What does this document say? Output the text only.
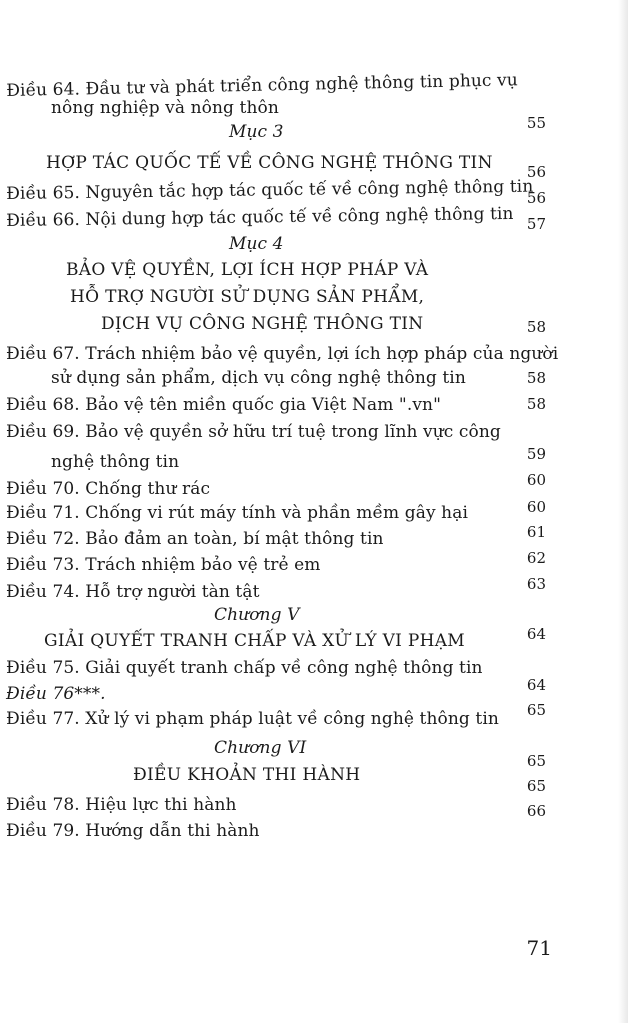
Điều 64. Đầu tư và phát triển công nghệ thông tin phục vụ
nông nghiệp và nông thôn
Mục 3
HỢP TÁC QUỐC TẾ VỀ CÔNG NGHỆ THÔNG TIN
Điều 65. Nguyên tắc hợp tác quốc tế về công nghệ thông tin
Điều 66. Nội dung hợp tác quốc tế về công nghệ thông tin
Mục 4
BẢO VỆ QUYỀN, LỢI ÍCH HỢP PHÁP VÀ
HỖ TRỢ NGƯỜI SỬ DỤNG SẢN PHẨM,
DỊCH VỤ CÔNG NGHỆ THÔNG TIN
Điều 67. Trách nhiệm bảo vệ quyền, lợi ích hợp pháp của người
sử dụng sản phẩm, dịch vụ công nghệ thông tin
Điều 68. Bảo vệ tên miền quốc gia Việt Nam ".vn"
Điều 69. Bảo vệ quyền sở hữu trí tuệ trong lĩnh vực công
nghệ thông tin
Điều 70. Chống thư rác
Điều 71. Chống vi rút máy tính và phần mềm gây hại
Điều 72. Bảo đảm an toàn, bí mật thông tin
Điều 73. Trách nhiệm bảo vệ trẻ em
Điều 74. Hỗ trợ người tàn tật
Chương V
GIẢI QUYẾT TRANH CHẤP VÀ XỬ LÝ VI PHẠM
Điều 75. Giải quyết tranh chấp về công nghệ thông tin
Điều 76***.
Điều 77. Xử lý vi phạm pháp luật về công nghệ thông tin
Chương VI
ĐIỀU KHOẢN THI HÀNH
Điều 78. Hiệu lực thi hành
Điều 79. Hướng dẫn thi hành
55
56
56
57
58
58
58
59
60
60
61
62
63
64
64
65
65
65
66
71
